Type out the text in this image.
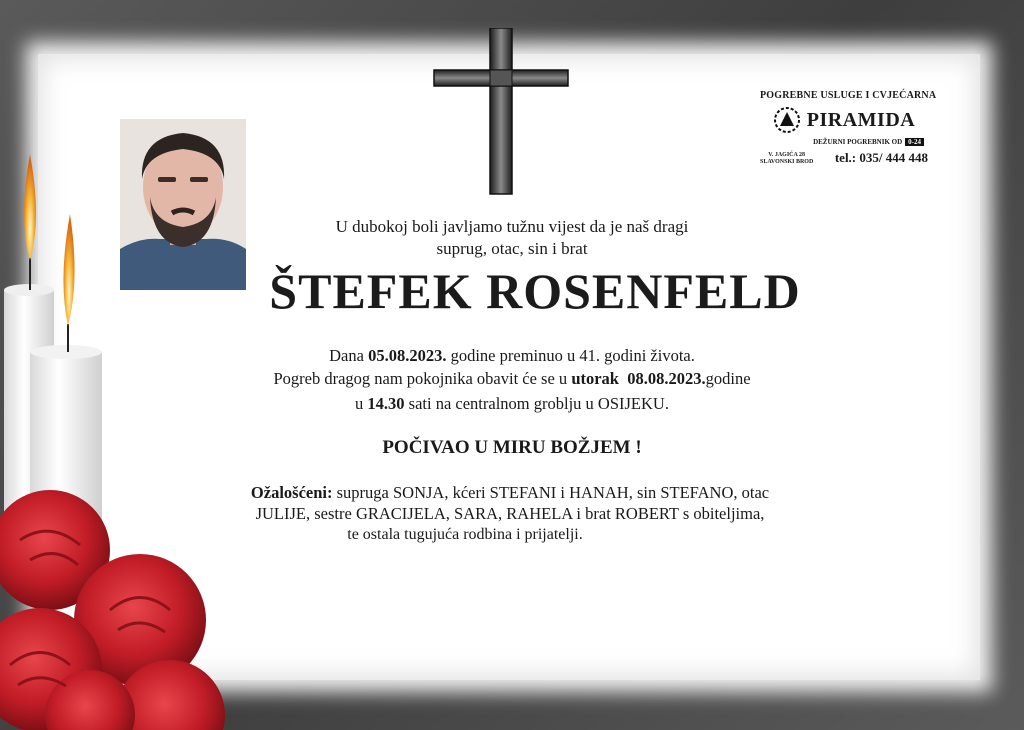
POGREBNE USLUGE I CVJEĆARNA
PIRAMIDA
DEŽURNI POGREBNIK OD 0-24
V. JAGIĆA 28
SLAVONSKI BROD tel.: 035/ 444 448
U dubokoj boli javljamo tužnu vijest da je naš dragi
suprug, otac, sin i brat
ŠTEFEK ROSENFELD
Dana 05.08.2023. godine preminuo u 41. godini života.
Pogreb dragog nam pokojnika obavit će se u utorak 08.08.2023.godine
u 14.30 sati na centralnom groblju u OSIJEKU.
POČIVAO U MIRU BOŽJEM !
Ožalošćeni: supruga SONJA, kćeri STEFANI i HANAH, sin STEFANO, otac
JULIJE, sestre GRACIJELA, SARA, RAHELA i brat ROBERT s obiteljima,
te ostala tugujuća rodbina i prijatelji.
